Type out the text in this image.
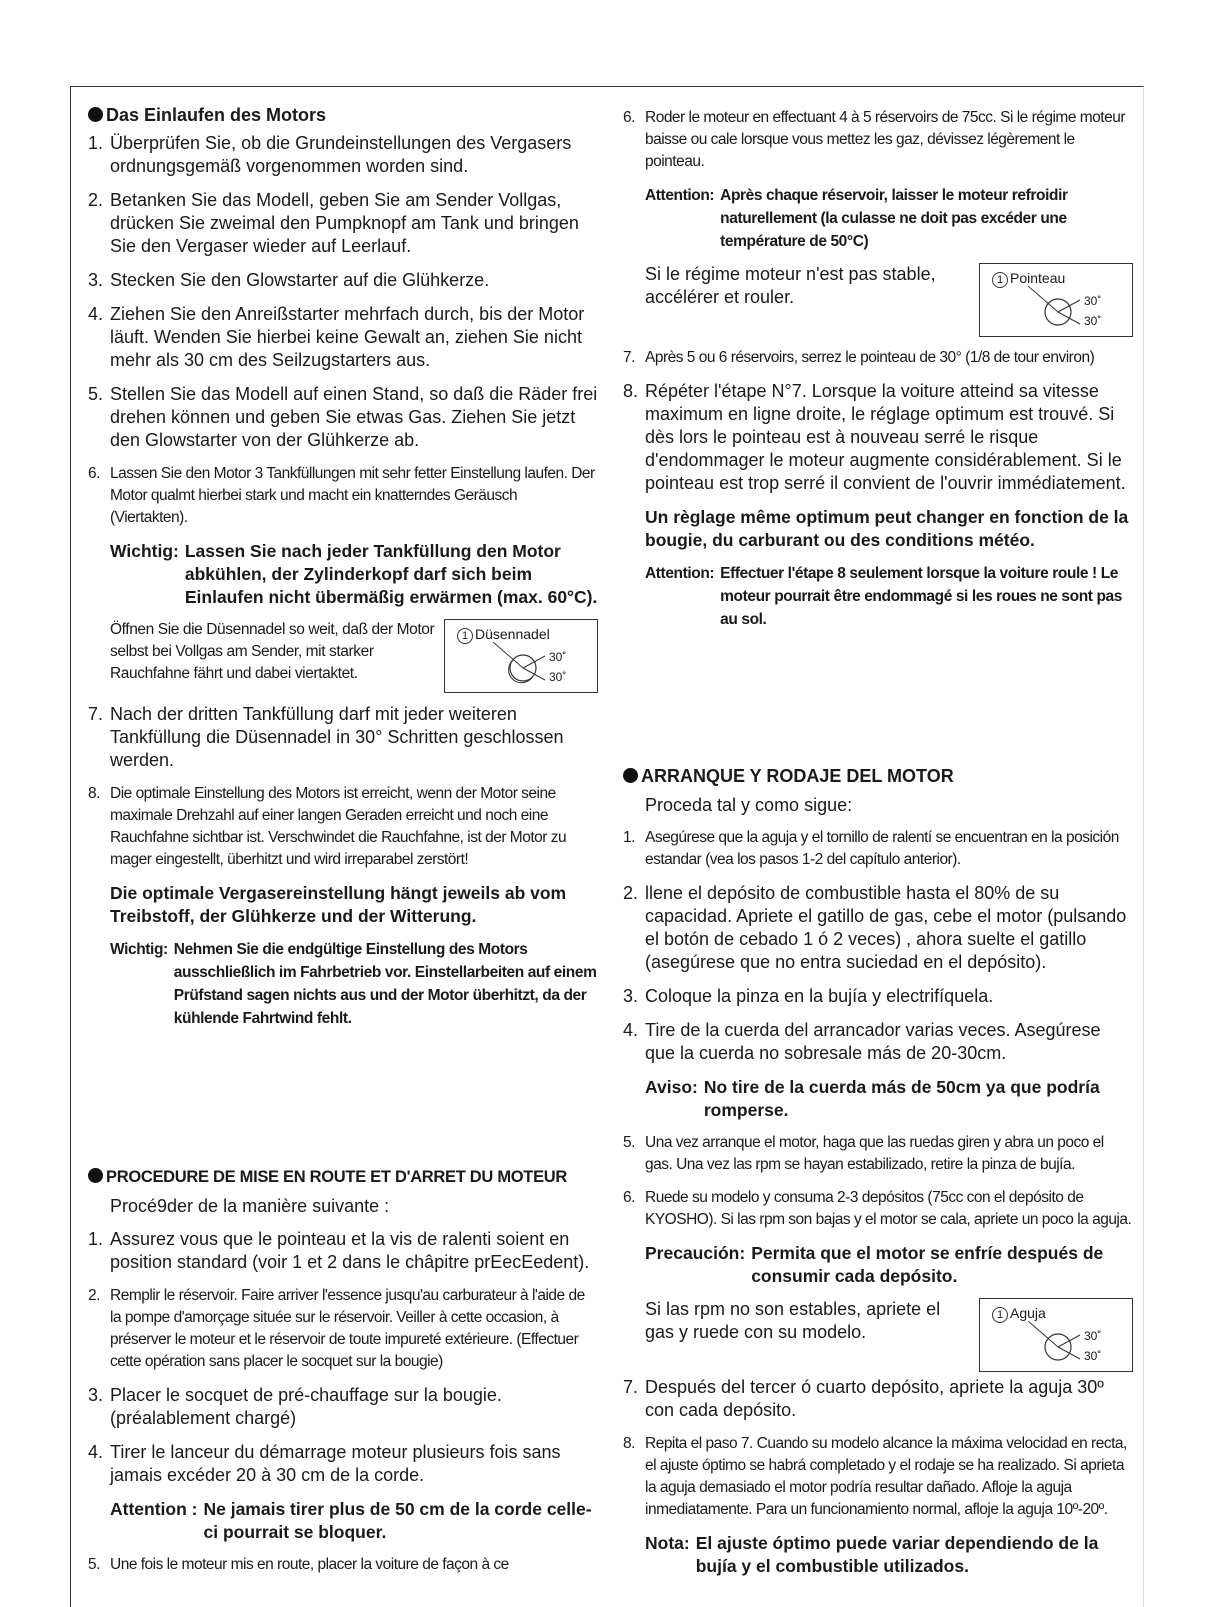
Das Einlaufen des Motors
1. Überprüfen Sie, ob die Grundeinstellungen des Vergasers ordnungsgemäß vorgenommen worden sind.
2. Betanken Sie das Modell, geben Sie am Sender Vollgas, drücken Sie zweimal den Pumpknopf am Tank und bringen Sie den Vergaser wieder auf Leerlauf.
3. Stecken Sie den Glowstarter auf die Glühkerze.
4. Ziehen Sie den Anreißstarter mehrfach durch, bis der Motor läuft. Wenden Sie hierbei keine Gewalt an, ziehen Sie nicht mehr als 30 cm des Seilzugstarters aus.
5. Stellen Sie das Modell auf einen Stand, so daß die Räder frei drehen können und geben Sie etwas Gas. Ziehen Sie jetzt den Glowstarter von der Glühkerze ab.
6. Lassen Sie den Motor 3 Tankfüllungen mit sehr fetter Einstellung laufen. Der Motor qualmt hierbei stark und macht ein knatterndes Geräusch (Viertakten).
Wichtig: Lassen Sie nach jeder Tankfüllung den Motor abkühlen, der Zylinderkopf darf sich beim Einlaufen nicht übermäßig erwärmen (max. 60°C).
Öffnen Sie die Düsennadel so weit, daß der Motor selbst bei Vollgas am Sender, mit starker Rauchfahne fährt und dabei viertaktet.
1 Düsennadel
30˚
30˚
7. Nach der dritten Tankfüllung darf mit jeder weiteren Tankfüllung die Düsennadel in 30° Schritten geschlossen werden.
8. Die optimale Einstellung des Motors ist erreicht, wenn der Motor seine maximale Drehzahl auf einer langen Geraden erreicht und noch eine Rauchfahne sichtbar ist. Verschwindet die Rauchfahne, ist der Motor zu mager eingestellt, überhitzt und wird irreparabel zerstört!
Die optimale Vergasereinstellung hängt jeweils ab vom Treibstoff, der Glühkerze und der Witterung.
Wichtig: Nehmen Sie die endgültige Einstellung des Motors ausschließlich im Fahrbetrieb vor. Einstellarbeiten auf einem Prüfstand sagen nichts aus und der Motor überhitzt, da der kühlende Fahrtwind fehlt.
PROCEDURE DE MISE EN ROUTE ET D'ARRET DU MOTEUR
Procé9der de la manière suivante :
1. Assurez vous que le pointeau et la vis de ralenti soient en position standard (voir 1 et 2 dans le châpitre prEecEedent).
2. Remplir le réservoir. Faire arriver l'essence jusqu'au carburateur à l'aide de la pompe d'amorçage située sur le réservoir. Veiller à cette occasion, à préserver le moteur et le réservoir de toute impureté extérieure. (Effectuer cette opération sans placer le socquet sur la bougie)
3. Placer le socquet de pré-chauffage sur la bougie. (préalablement chargé)
4. Tirer le lanceur du démarrage moteur plusieurs fois sans jamais excéder 20 à 30 cm de la corde.
Attention : Ne jamais tirer plus de 50 cm de la corde celle-ci pourrait se bloquer.
5. Une fois le moteur mis en route, placer la voiture de façon à ce
6. Roder le moteur en effectuant 4 à 5 réservoirs de 75cc. Si le régime moteur baisse ou cale lorsque vous mettez les gaz, dévissez légèrement le pointeau.
Attention: Après chaque réservoir, laisser le moteur refroidir naturellement (la culasse ne doit pas excéder une température de 50°C)
Si le régime moteur n'est pas stable, accélérer et rouler.
1 Pointeau
30˚
30˚
7. Après 5 ou 6 réservoirs, serrez le pointeau de 30° (1/8 de tour environ)
8. Répéter l'étape N°7. Lorsque la voiture atteind sa vitesse maximum en ligne droite, le réglage optimum est trouvé. Si dès lors le pointeau est à nouveau serré le risque d'endommager le moteur augmente considérablement. Si le pointeau est trop serré il convient de l'ouvrir immédiatement.
Un règlage même optimum peut changer en fonction de la bougie, du carburant ou des conditions météo.
Attention: Effectuer l'étape 8 seulement lorsque la voiture roule ! Le moteur pourrait être endommagé si les roues ne sont pas au sol.
ARRANQUE Y RODAJE DEL MOTOR
Proceda tal y como sigue:
1. Asegúrese que la aguja y el tornillo de ralentí se encuentran en la posición estandar (vea los pasos 1-2 del capítulo anterior).
2. llene el depósito de combustible hasta el 80% de su capacidad. Apriete el gatillo de gas, cebe el motor (pulsando el botón de cebado 1 ó 2 veces) , ahora suelte el gatillo (asegúrese que no entra suciedad en el depósito).
3. Coloque la pinza en la bujía y electrifíquela.
4. Tire de la cuerda del arrancador varias veces. Asegúrese que la cuerda no sobresale más de 20-30cm.
Aviso: No tire de la cuerda más de 50cm ya que podría romperse.
5. Una vez arranque el motor, haga que las ruedas giren y abra un poco el gas. Una vez las rpm se hayan estabilizado, retire la pinza de bujía.
6. Ruede su modelo y consuma 2-3 depósitos (75cc con el depósito de KYOSHO). Si las rpm son bajas y el motor se cala, apriete un poco la aguja.
Precaución: Permita que el motor se enfríe después de consumir cada depósito.
Si las rpm no son estables, apriete el gas y ruede con su modelo.
1 Aguja
30˚
30˚
7. Después del tercer ó cuarto depósito, apriete la aguja 30º con cada depósito.
8. Repita el paso 7. Cuando su modelo alcance la máxima velocidad en recta, el ajuste óptimo se habrá completado y el rodaje se ha realizado. Si aprieta la aguja demasiado el motor podría resultar dañado. Afloje la aguja inmediatamente. Para un funcionamiento normal, afloje la aguja 10º-20º.
Nota: El ajuste óptimo puede variar dependiendo de la bujía y el combustible utilizados.
